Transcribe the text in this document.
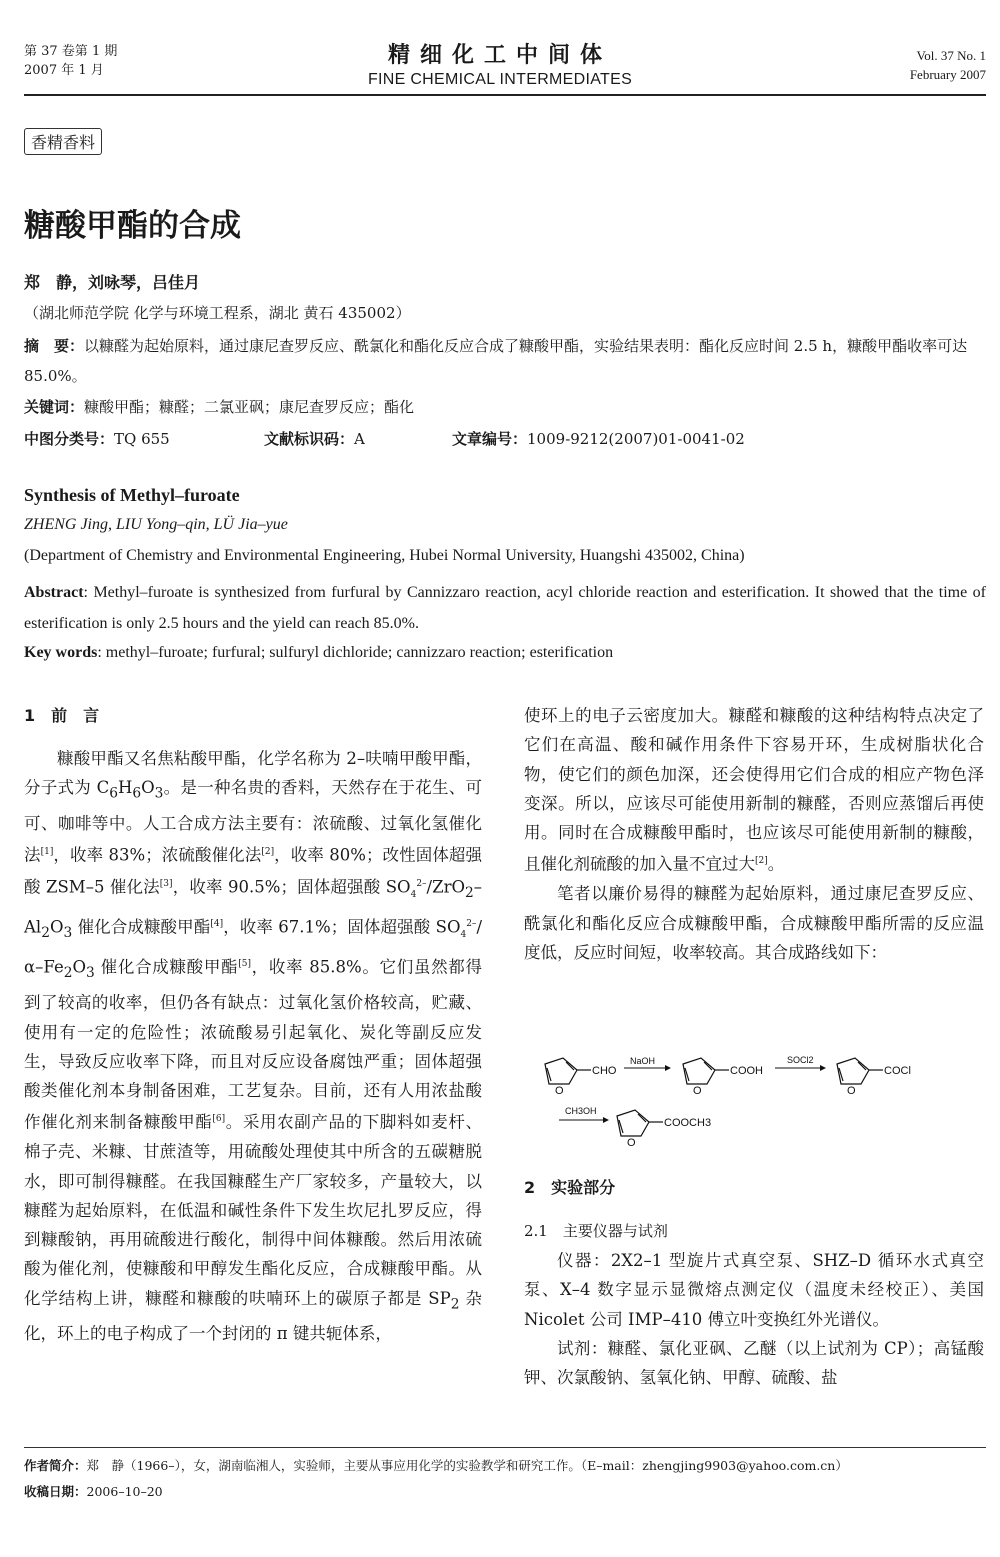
第 37 卷第 1 期
2007 年 1 月
精细化工中间体
FINE CHEMICAL INTERMEDIATES
Vol. 37 No. 1
February 2007
香精香料
糖酸甲酯的合成
郑　静，刘咏琴，吕佳月
（湖北师范学院 化学与环境工程系，湖北 黄石 435002）
摘　要：以糠醛为起始原料，通过康尼查罗反应、酰氯化和酯化反应合成了糠酸甲酯，实验结果表明：酯化反应时间 2.5 h，糠酸甲酯收率可达 85.0%。
关键词：糠酸甲酯；糠醛；二氯亚砜；康尼查罗反应；酯化
中图分类号：TQ 655	文献标识码：A	文章编号：1009-9212(2007)01-0041-02
Synthesis of Methyl–furoate
ZHENG Jing, LIU Yong–qin, LÜ Jia–yue
(Department of Chemistry and Environmental Engineering, Hubei Normal University, Huangshi 435002, China)
Abstract: Methyl–furoate is synthesized from furfural by Cannizzaro reaction, acyl chloride reaction and esterification. It showed that the time of esterification is only 2.5 hours and the yield can reach 85.0%.
Key words: methyl–furoate; furfural; sulfuryl dichloride; cannizzaro reaction; esterification
1　前　言

糠酸甲酯又名焦粘酸甲酯，化学名称为 2–呋喃甲酸甲酯，分子式为 $C_6H_6O_3$。是一种名贵的香料，天然存在于花生、可可、咖啡等中。人工合成方法主要有：浓硫酸、过氧化氢催化法[1]，收率 83%；浓硫酸催化法[2]，收率 80%；改性固体超强酸 ZSM–5 催化法[3]，收率 90.5%；固体超强酸 $SO_4^{2-}/ZrO_2-Al_2O_3$ 催化合成糠酸甲酯[4]，收率 67.1%；固体超强酸 $SO_4^{2-}/\alpha-Fe_2O_3$ 催化合成糠酸甲酯[5]，收率 85.8%。它们虽然都得到了较高的收率，但仍各有缺点：过氧化氢价格较高，贮藏、使用有一定的危险性；浓硫酸易引起氧化、炭化等副反应发生，导致反应收率下降，而且对反应设备腐蚀严重；固体超强酸类催化剂本身制备困难，工艺复杂。目前，还有人用浓盐酸作催化剂来制备糠酸甲酯[6]。采用农副产品的下脚料如麦杆、棉子壳、米糠、甘蔗渣等，用硫酸处理使其中所含的五碳糖脱水，即可制得糠醛。在我国糠醛生产厂家较多，产量较大，以糠醛为起始原料，在低温和碱性条件下发生坎尼扎罗反应，得到糠酸钠，再用硫酸进行酸化，制得中间体糠酸。然后用浓硫酸为催化剂，使糠酸和甲醇发生酯化反应，合成糠酸甲酯。从化学结构上讲，糠醛和糠酸的呋喃环上的碳原子都是 $SP_2$ 杂化，环上的电子构成了一个封闭的 π 键共轭体系，

使环上的电子云密度加大。糠醛和糠酸的这种结构特点决定了它们在高温、酸和碱作用条件下容易开环，生成树脂状化合物，使它们的颜色加深，还会使得用它们合成的相应产物色泽变深。所以，应该尽可能使用新制的糠醛，否则应蒸馏后再使用。同时在合成糠酸甲酯时，也应该尽可能使用新制的糠酸，且催化剂硫酸的加入量不宜过大[2]。

笔者以廉价易得的糠醛为起始原料，通过康尼查罗反应、酰氯化和酯化反应合成糠酸甲酯，合成糠酸甲酯所需的反应温度低，反应时间短，收率较高。其合成路线如下：

O
CHO
NaOH
O
COOH
SOCl2
O
COCl
CH3OH
O
COOCH3
2　实验部分
2.1　主要仪器与试剂

仪器：2X2–1 型旋片式真空泵、SHZ–D 循环水式真空泵、X–4 数字显示显微熔点测定仪（温度未经校正）、美国 Nicolet 公司 IMP–410 傅立叶变换红外光谱仪。

试剂：糠醛、氯化亚砜、乙醚（以上试剂为 CP）；高锰酸钾、次氯酸钠、氢氧化钠、甲醇、硫酸、盐

作者简介：郑　静（1966–），女，湖南临湘人，实验师，主要从事应用化学的实验教学和研究工作。（E–mail：zhengjing9903@yahoo.com.cn）
收稿日期：2006–10–20
